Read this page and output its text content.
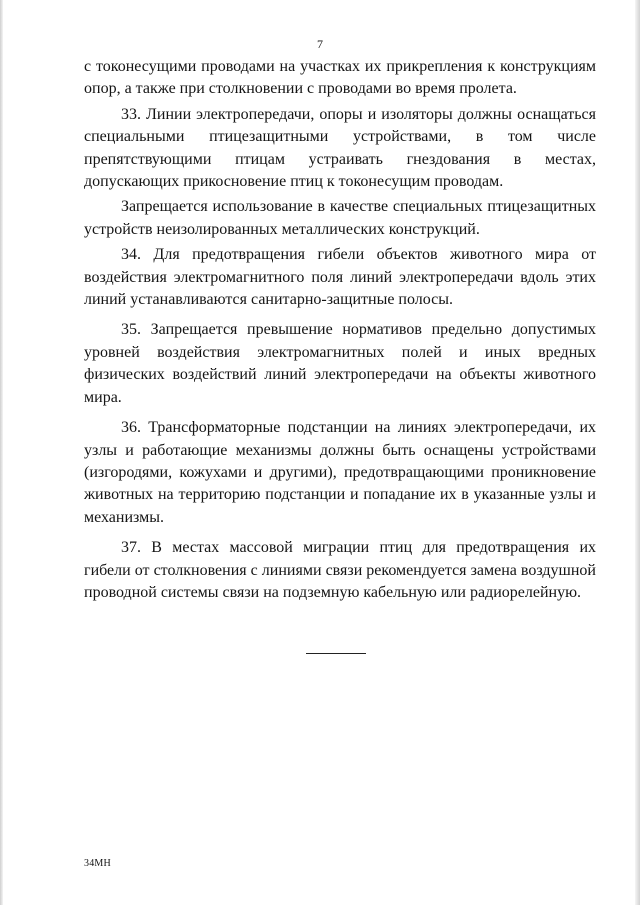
7

с токонесущими проводами на участках их прикрепления к конструкциям опор, а также при столкновении с проводами во время пролета.

33. Линии электропередачи, опоры и изоляторы должны оснащаться специальными птицезащитными устройствами, в том числе препятствующими птицам устраивать гнездования в местах, допускающих прикосновение птиц к токонесущим проводам.

Запрещается использование в качестве специальных птицезащитных устройств неизолированных металлических конструкций.

34. Для предотвращения гибели объектов животного мира от воздействия электромагнитного поля линий электропередачи вдоль этих линий устанавливаются санитарно-защитные полосы.

35. Запрещается превышение нормативов предельно допустимых уровней воздействия электромагнитных полей и иных вредных физических воздействий линий электропередачи на объекты животного мира.

36. Трансформаторные подстанции на линиях электропередачи, их узлы и работающие механизмы должны быть оснащены устройствами (изгородями, кожухами и другими), предотвращающими проникновение животных на территорию подстанции и попадание их в указанные узлы и механизмы.

37. В местах массовой миграции птиц для предотвращения их гибели от столкновения с линиями связи рекомендуется замена воздушной проводной системы связи на подземную кабельную или радиорелейную.

34МН
